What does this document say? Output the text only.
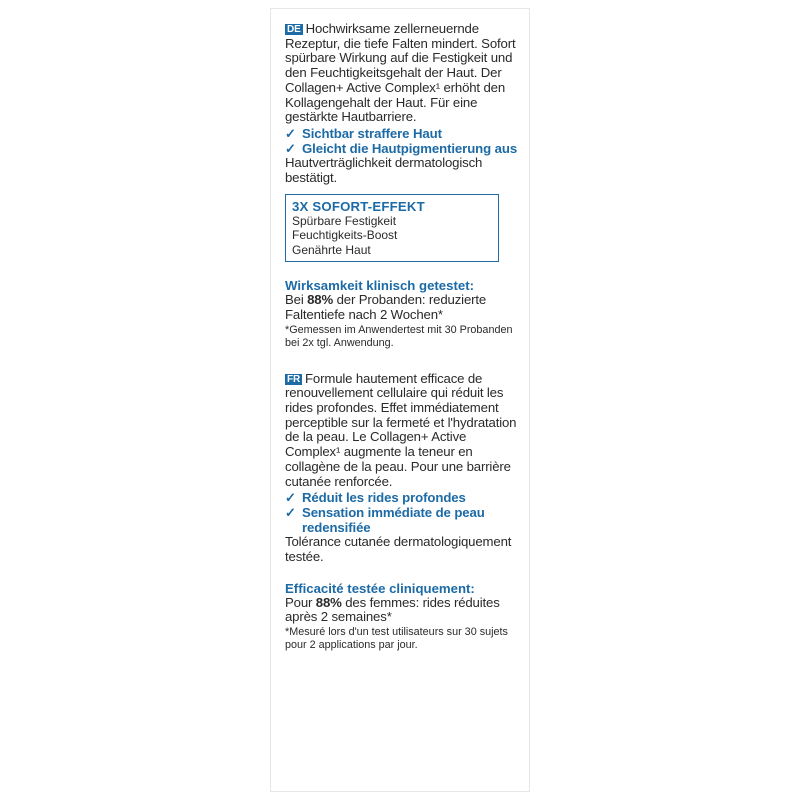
DE Hochwirksame zellerneuernde Rezeptur, die tiefe Falten mindert. Sofort spürbare Wirkung auf die Festigkeit und den Feuchtigkeitsgehalt der Haut. Der Collagen+ Active Complex¹ erhöht den Kollagengehalt der Haut. Für eine gestärkte Hautbarriere.
✓ Sichtbar straffere Haut
✓ Gleicht die Hautpigmentierung aus
Hautverträglichkeit dermatologisch bestätigt.
3X SOFORT-EFFEKT
Spürbare Festigkeit
Feuchtigkeits-Boost
Genährte Haut
Wirksamkeit klinisch getestet:
Bei 88% der Probanden: reduzierte Faltentiefe nach 2 Wochen*
*Gemessen im Anwendertest mit 30 Probanden bei 2x tgl. Anwendung.
FR Formule hautement efficace de renouvellement cellulaire qui réduit les rides profondes. Effet immédiatement perceptible sur la fermeté et l'hydratation de la peau. Le Collagen+ Active Complex¹ augmente la teneur en collagène de la peau. Pour une barrière cutanée renforcée.
✓ Réduit les rides profondes
✓ Sensation immédiate de peau redensifiée
Tolérance cutanée dermatologiquement testée.
Efficacité testée cliniquement:
Pour 88% des femmes: rides réduites après 2 semaines*
*Mesuré lors d'un test utilisateurs sur 30 sujets pour 2 applications par jour.
